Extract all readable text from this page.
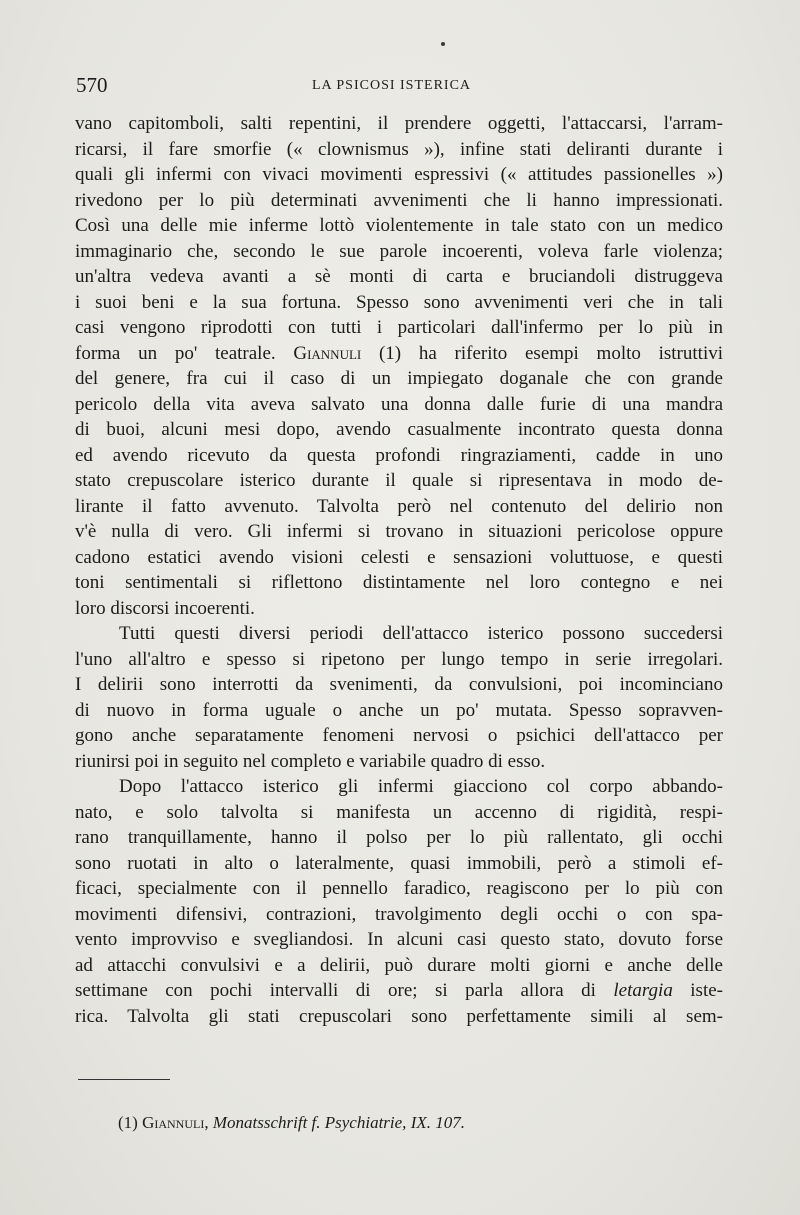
570	LA PSICOSI ISTERICA
vano capitomboli, salti repentini, il prendere oggetti, l'attaccarsi, l'arram-
ricarsi, il fare smorfie (« clownismus »), infine stati deliranti durante i
quali gli infermi con vivaci movimenti espressivi (« attitudes passionelles »)
rivedono per lo più determinati avvenimenti che li hanno impressionati.
Così una delle mie inferme lottò violentemente in tale stato con un medico
immaginario che, secondo le sue parole incoerenti, voleva farle violenza;
un'altra vedeva avanti a sè monti di carta e bruciandoli distruggeva
i suoi beni e la sua fortuna. Spesso sono avvenimenti veri che in tali
casi vengono riprodotti con tutti i particolari dall'infermo per lo più in
forma un po' teatrale. Giannuli (1) ha riferito esempi molto istruttivi
del genere, fra cui il caso di un impiegato doganale che con grande
pericolo della vita aveva salvato una donna dalle furie di una mandra
di buoi, alcuni mesi dopo, avendo casualmente incontrato questa donna
ed avendo ricevuto da questa profondi ringraziamenti, cadde in uno
stato crepuscolare isterico durante il quale si ripresentava in modo de-
lirante il fatto avvenuto. Talvolta però nel contenuto del delirio non
v'è nulla di vero. Gli infermi si trovano in situazioni pericolose oppure
cadono estatici avendo visioni celesti e sensazioni voluttuose, e questi
toni sentimentali si riflettono distintamente nel loro contegno e nei
loro discorsi incoerenti.
Tutti questi diversi periodi dell'attacco isterico possono succedersi
l'uno all'altro e spesso si ripetono per lungo tempo in serie irregolari.
I delirii sono interrotti da svenimenti, da convulsioni, poi incominciano
di nuovo in forma uguale o anche un po' mutata. Spesso sopravven-
gono anche separatamente fenomeni nervosi o psichici dell'attacco per
riunirsi poi in seguito nel completo e variabile quadro di esso.
Dopo l'attacco isterico gli infermi giacciono col corpo abbando-
nato, e solo talvolta si manifesta un accenno di rigidità, respi-
rano tranquillamente, hanno il polso per lo più rallentato, gli occhi
sono ruotati in alto o lateralmente, quasi immobili, però a stimoli ef-
ficaci, specialmente con il pennello faradico, reagiscono per lo più con
movimenti difensivi, contrazioni, travolgimento degli occhi o con spa-
vento improvviso e svegliandosi. In alcuni casi questo stato, dovuto forse
ad attacchi convulsivi e a delirii, può durare molti giorni e anche delle
settimane con pochi intervalli di ore; si parla allora di letargia iste-
rica. Talvolta gli stati crepuscolari sono perfettamente simili al sem-
(1) Giannuli, Monatsschrift f. Psychiatrie, IX. 107.
